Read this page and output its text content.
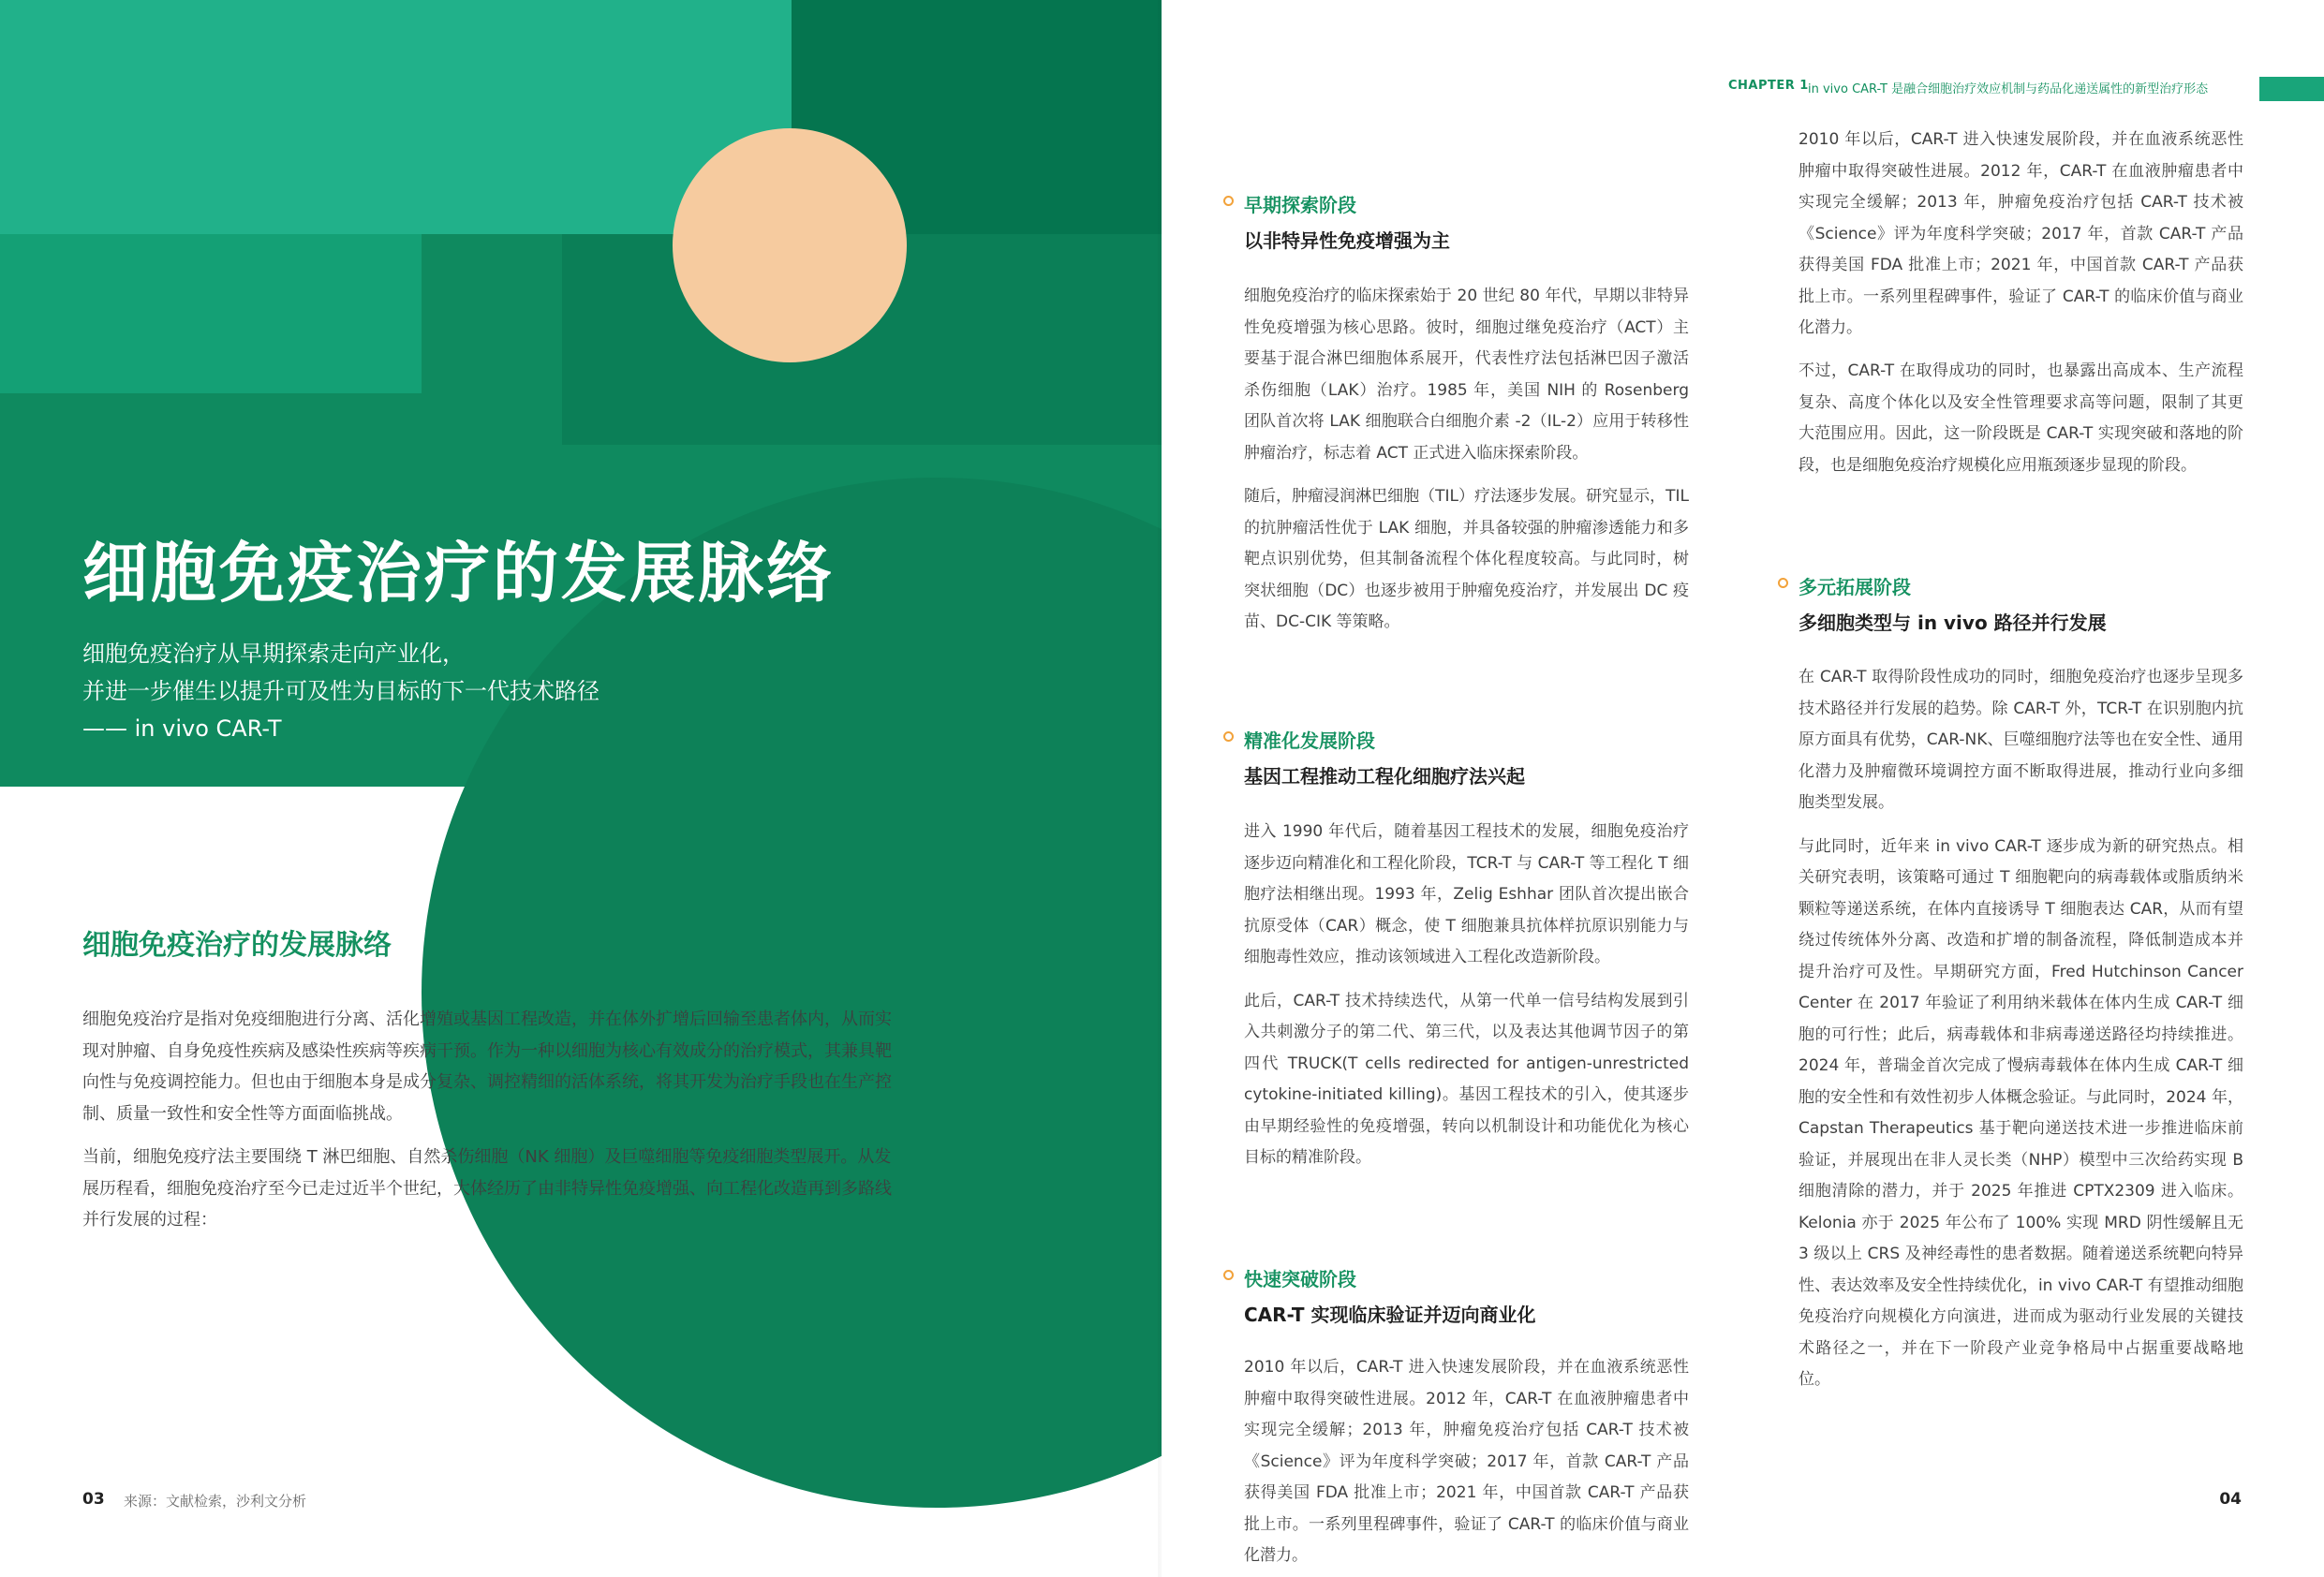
细胞免疫治疗的发展脉络
细胞免疫治疗从早期探索走向产业化，
并进一步催生以提升可及性为目标的下一代技术路径
—— in vivo CAR-T
细胞免疫治疗的发展脉络

细胞免疫治疗是指对免疫细胞进行分离、活化增殖或基因工程改造，并在体外扩增后回输至患者体内，从而实现对肿瘤、自身免疫性疾病及感染性疾病等疾病干预。作为一种以细胞为核心有效成分的治疗模式，其兼具靶向性与免疫调控能力。但也由于细胞本身是成分复杂、调控精细的活体系统，将其开发为治疗手段也在生产控制、质量一致性和安全性等方面面临挑战。

当前，细胞免疫疗法主要围绕 T 淋巴细胞、自然杀伤细胞（NK 细胞）及巨噬细胞等免疫细胞类型展开。从发展历程看，细胞免疫治疗至今已走过近半个世纪，大体经历了由非特异性免疫增强、向工程化改造再到多路线并行发展的过程：

03 来源：文献检索，沙利文分析
CHAPTER 1 in vivo CAR-T 是融合细胞治疗效应机制与药品化递送属性的新型治疗形态
早期探索阶段
以非特异性免疫增强为主

细胞免疫治疗的临床探索始于 20 世纪 80 年代，早期以非特异性免疫增强为核心思路。彼时，细胞过继免疫治疗（ACT）主要基于混合淋巴细胞体系展开，代表性疗法包括淋巴因子激活杀伤细胞（LAK）治疗。1985 年，美国 NIH 的 Rosenberg 团队首次将 LAK 细胞联合白细胞介素 -2（IL-2）应用于转移性肿瘤治疗，标志着 ACT 正式进入临床探索阶段。

随后，肿瘤浸润淋巴细胞（TIL）疗法逐步发展。研究显示，TIL 的抗肿瘤活性优于 LAK 细胞，并具备较强的肿瘤渗透能力和多靶点识别优势，但其制备流程个体化程度较高。与此同时，树突状细胞（DC）也逐步被用于肿瘤免疫治疗，并发展出 DC 疫苗、DC-CIK 等策略。

精准化发展阶段
基因工程推动工程化细胞疗法兴起

进入 1990 年代后，随着基因工程技术的发展，细胞免疫治疗逐步迈向精准化和工程化阶段，TCR-T 与 CAR-T 等工程化 T 细胞疗法相继出现。1993 年，Zelig Eshhar 团队首次提出嵌合抗原受体（CAR）概念，使 T 细胞兼具抗体样抗原识别能力与细胞毒性效应，推动该领域进入工程化改造新阶段。

此后，CAR-T 技术持续迭代，从第一代单一信号结构发展到引入共刺激分子的第二代、第三代，以及表达其他调节因子的第四代 TRUCK(T cells redirected for antigen-unrestricted cytokine-initiated killing)。基因工程技术的引入，使其逐步由早期经验性的免疫增强，转向以机制设计和功能优化为核心目标的精准阶段。

快速突破阶段
CAR-T 实现临床验证并迈向商业化
2010 年以后，CAR-T 进入快速发展阶段，并在血液系统恶性肿瘤中取得突破性进展。2012 年，CAR-T 在血液肿瘤患者中实现完全缓解；2013 年，肿瘤免疫治疗包括 CAR-T 技术被《Science》评为年度科学突破；2017 年，首款 CAR-T 产品获得美国 FDA 批准上市；2021 年，中国首款 CAR-T 产品获批上市。一系列里程碑事件，验证了 CAR-T 的临床价值与商业化潜力。
2010 年以后，CAR-T 进入快速发展阶段，并在血液系统恶性肿瘤中取得突破性进展。2012 年，CAR-T 在血液肿瘤患者中实现完全缓解；2013 年，肿瘤免疫治疗包括 CAR-T 技术被《Science》评为年度科学突破；2017 年，首款 CAR-T 产品获得美国 FDA 批准上市；2021 年，中国首款 CAR-T 产品获批上市。一系列里程碑事件，验证了 CAR-T 的临床价值与商业化潜力。

不过，CAR-T 在取得成功的同时，也暴露出高成本、生产流程复杂、高度个体化以及安全性管理要求高等问题，限制了其更大范围应用。因此，这一阶段既是 CAR-T 实现突破和落地的阶段，也是细胞免疫治疗规模化应用瓶颈逐步显现的阶段。

多元拓展阶段
多细胞类型与 in vivo 路径并行发展

在 CAR-T 取得阶段性成功的同时，细胞免疫治疗也逐步呈现多技术路径并行发展的趋势。除 CAR-T 外，TCR-T 在识别胞内抗原方面具有优势，CAR-NK、巨噬细胞疗法等也在安全性、通用化潜力及肿瘤微环境调控方面不断取得进展，推动行业向多细胞类型发展。

与此同时，近年来 in vivo CAR-T 逐步成为新的研究热点。相关研究表明，该策略可通过 T 细胞靶向的病毒载体或脂质纳米颗粒等递送系统，在体内直接诱导 T 细胞表达 CAR，从而有望绕过传统体外分离、改造和扩增的制备流程，降低制造成本并提升治疗可及性。早期研究方面，Fred Hutchinson Cancer Center 在 2017 年验证了利用纳米载体在体内生成 CAR-T 细胞的可行性；此后，病毒载体和非病毒递送路径均持续推进。2024 年，普瑞金首次完成了慢病毒载体在体内生成 CAR-T 细胞的安全性和有效性初步人体概念验证。与此同时，2024 年，Capstan Therapeutics 基于靶向递送技术进一步推进临床前验证，并展现出在非人灵长类（NHP）模型中三次给药实现 B 细胞清除的潜力，并于 2025 年推进 CPTX2309 进入临床。Kelonia 亦于 2025 年公布了 100% 实现 MRD 阴性缓解且无 3 级以上 CRS 及神经毒性的患者数据。随着递送系统靶向特异性、表达效率及安全性持续优化，in vivo CAR-T 有望推动细胞免疫治疗向规模化方向演进，进而成为驱动行业发展的关键技术路径之一，并在下一阶段产业竞争格局中占据重要战略地位。

04
